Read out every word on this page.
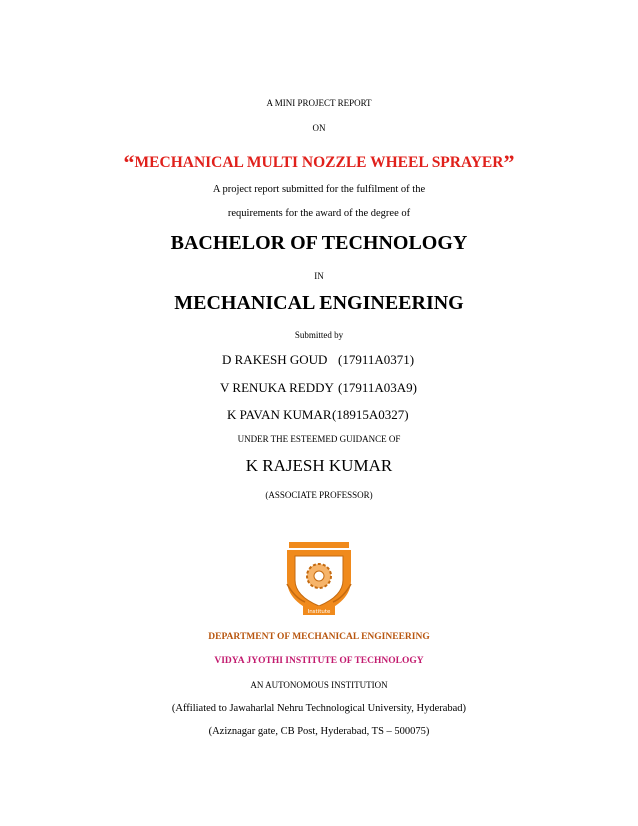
A MINI PROJECT REPORT
ON
“MECHANICAL MULTI NOZZLE WHEEL SPRAYER”
A project report submitted for the fulfilment of the
requirements for the award of the degree of
BACHELOR OF TECHNOLOGY
IN
MECHANICAL ENGINEERING
Submitted by
D RAKESH GOUD (17911A0371)
V RENUKA REDDY (17911A03A9)
K PAVAN KUMAR (18915A0327)
UNDER THE ESTEEMED GUIDANCE OF
K RAJESH KUMAR
(ASSOCIATE PROFESSOR)
Institute
DEPARTMENT OF MECHANICAL ENGINEERING
VIDYA JYOTHI INSTITUTE OF TECHNOLOGY
AN AUTONOMOUS INSTITUTION
(Affiliated to Jawaharlal Nehru Technological University, Hyderabad)
(Aziznagar gate, CB Post, Hyderabad, TS – 500075)
